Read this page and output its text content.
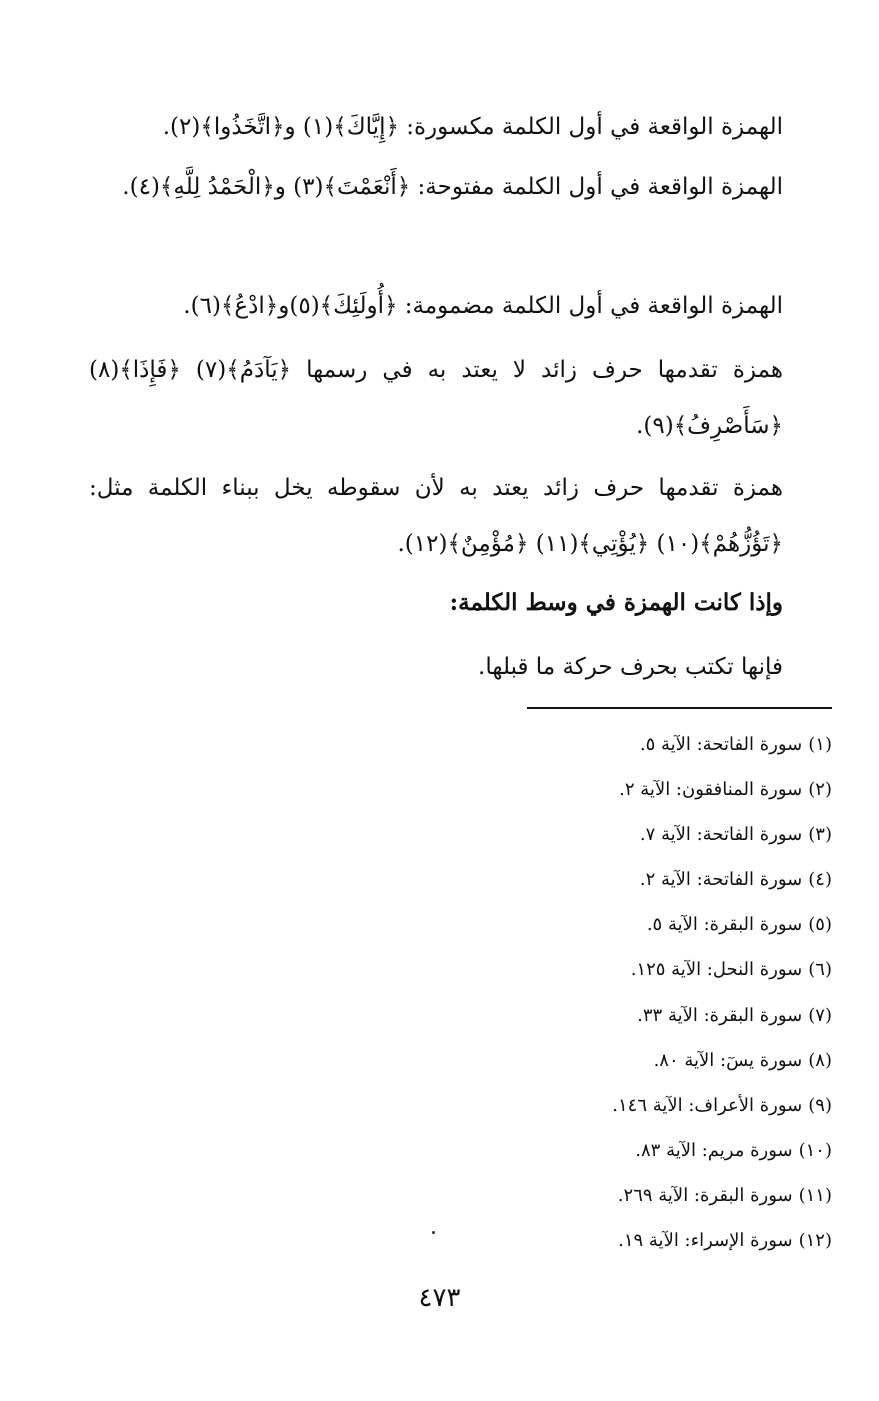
الهمزة الواقعة في أول الكلمة مكسورة: ﴿إِيَّاكَ﴾(١) و﴿اتَّخَذُوا﴾(٢).

الهمزة الواقعة في أول الكلمة مفتوحة: ﴿أَنْعَمْتَ﴾(٣) و﴿الْحَمْدُ لِلَّهِ﴾(٤).

الهمزة الواقعة في أول الكلمة مضمومة: ﴿أُولَئِكَ﴾(٥)و﴿ادْعُ﴾(٦).

همزة تقدمها حرف زائد لا يعتد به في رسمها ﴿يَآدَمُ﴾(٧) ﴿فَإِذَا﴾(٨) ﴿سَأَصْرِفُ﴾(٩).

همزة تقدمها حرف زائد يعتد به لأن سقوطه يخل ببناء الكلمة مثل: ﴿تَؤُزُّهُمْ﴾(١٠) ﴿يُؤْتِي﴾(١١) ﴿مُؤْمِنٌ﴾(١٢).

وإذا كانت الهمزة في وسط الكلمة:

فإنها تكتب بحرف حركة ما قبلها.

(١)سورة الفاتحة: الآية ٥.
(٢)سورة المنافقون: الآية ٢.
(٣)سورة الفاتحة: الآية ٧.
(٤)سورة الفاتحة: الآية ٢.
(٥)سورة البقرة: الآية ٥.
(٦)سورة النحل: الآية ١٢٥.
(٧)سورة البقرة: الآية ٣٣.
(٨)سورة يسٓ: الآية ٨٠.
(٩)سورة الأعراف: الآية ١٤٦.
(١٠)سورة مريم: الآية ٨٣.
(١١)سورة البقرة: الآية ٢٦٩.
(١٢)سورة الإسراء: الآية ١٩.
٤٧٣
